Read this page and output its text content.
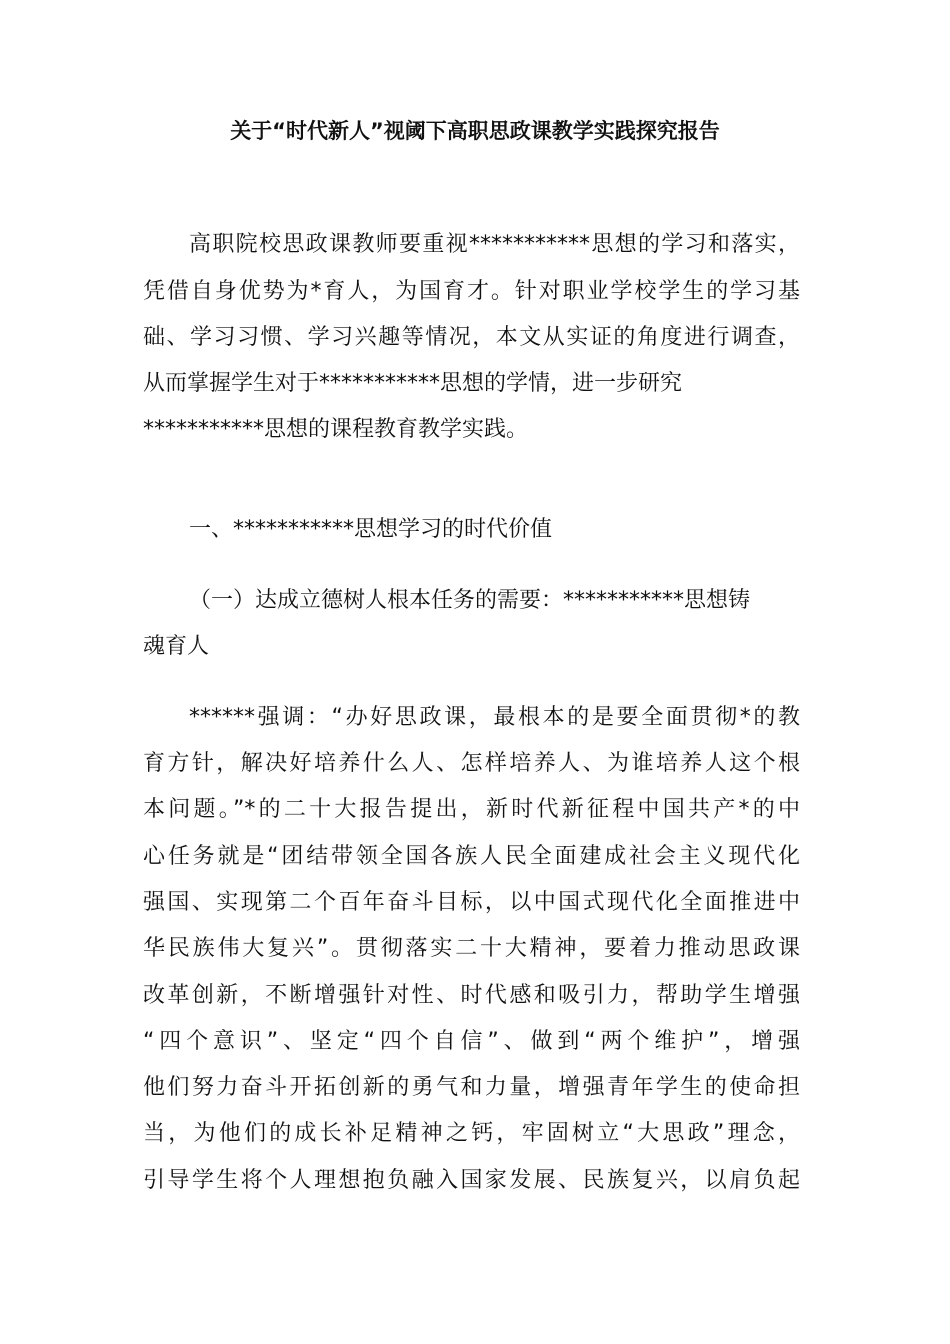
关于“时代新人”视阈下高职思政课教学实践探究报告
高职院校思政课教师要重视***********思想的学习和落实，
凭借自身优势为*育人，为国育才。针对职业学校学生的学习基
础、学习习惯、学习兴趣等情况，本文从实证的角度进行调查，
从而掌握学生对于***********思想的学情，进一步研究
***********思想的课程教育教学实践。
一、***********思想学习的时代价值
（一）达成立德树人根本任务的需要：***********思想铸
魂育人
******强调：“办好思政课，最根本的是要全面贯彻*的教
育方针，解决好培养什么人、怎样培养人、为谁培养人这个根
本问题。”*的二十大报告提出，新时代新征程中国共产*的中
心任务就是“团结带领全国各族人民全面建成社会主义现代化
强国、实现第二个百年奋斗目标，以中国式现代化全面推进中
华民族伟大复兴”。贯彻落实二十大精神，要着力推动思政课
改革创新，不断增强针对性、时代感和吸引力，帮助学生增强
“四个意识”、坚定“四个自信”、做到“两个维护”，增强
他们努力奋斗开拓创新的勇气和力量，增强青年学生的使命担
当，为他们的成长补足精神之钙，牢固树立“大思政”理念，
引导学生将个人理想抱负融入国家发展、民族复兴，以肩负起
